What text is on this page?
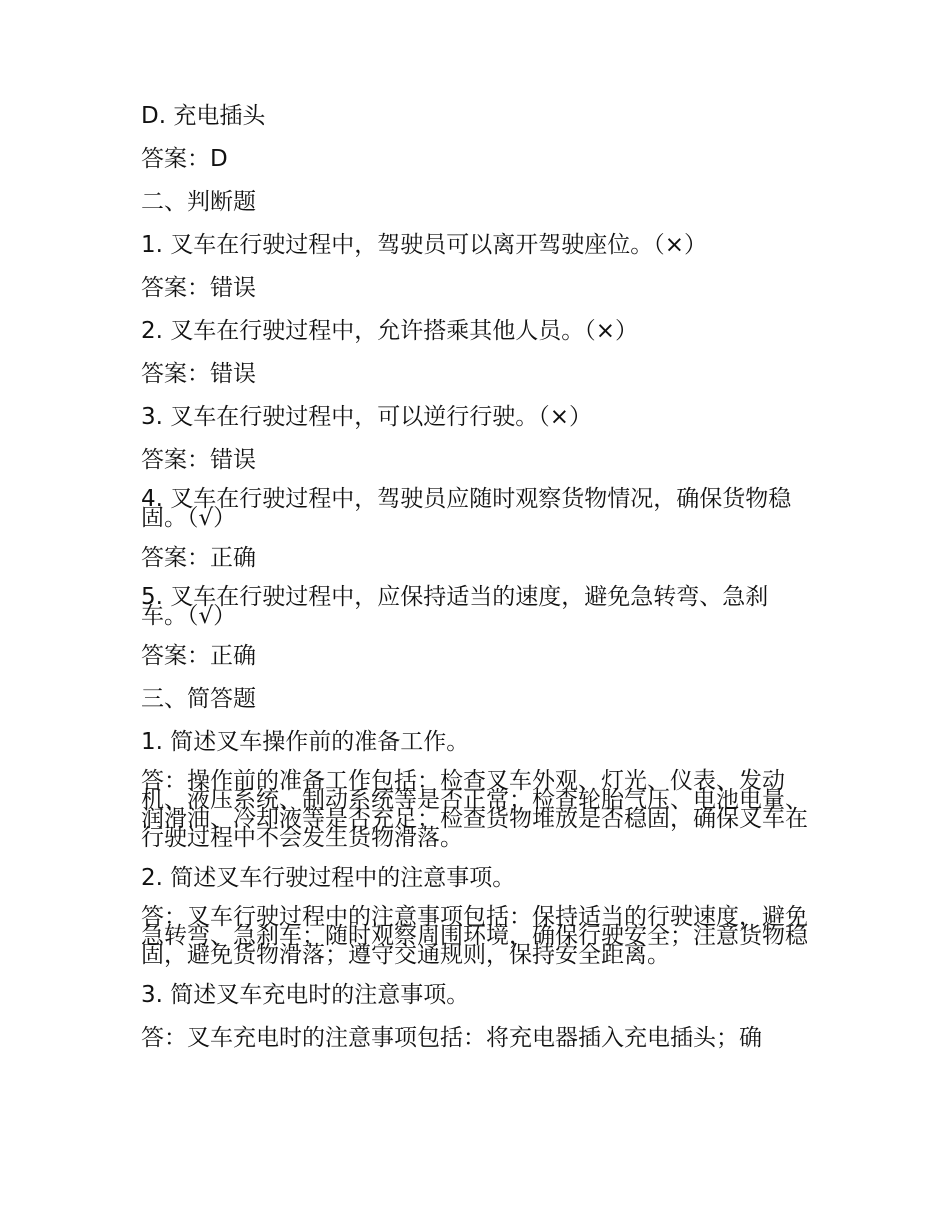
D. 充电插头
答案：D
二、判断题
1. 叉车在行驶过程中，驾驶员可以离开驾驶座位。（×）
答案：错误
2. 叉车在行驶过程中，允许搭乘其他人员。（×）
答案：错误
3. 叉车在行驶过程中，可以逆行行驶。（×）
答案：错误
4. 叉车在行驶过程中，驾驶员应随时观察货物情况，确保货物稳固。（√）
答案：正确
5. 叉车在行驶过程中，应保持适当的速度，避免急转弯、急刹车。（√）
答案：正确
三、简答题
1. 简述叉车操作前的准备工作。
答：操作前的准备工作包括：检查叉车外观、灯光、仪表、发动机、液压系统、制动系统等是否正常；检查轮胎气压、电池电量、润滑油、冷却液等是否充足；检查货物堆放是否稳固，确保叉车在行驶过程中不会发生货物滑落。
2. 简述叉车行驶过程中的注意事项。
答：叉车行驶过程中的注意事项包括：保持适当的行驶速度，避免急转弯、急刹车；随时观察周围环境，确保行驶安全；注意货物稳固，避免货物滑落；遵守交通规则，保持安全距离。
3. 简述叉车充电时的注意事项。
答：叉车充电时的注意事项包括：将充电器插入充电插头；确
